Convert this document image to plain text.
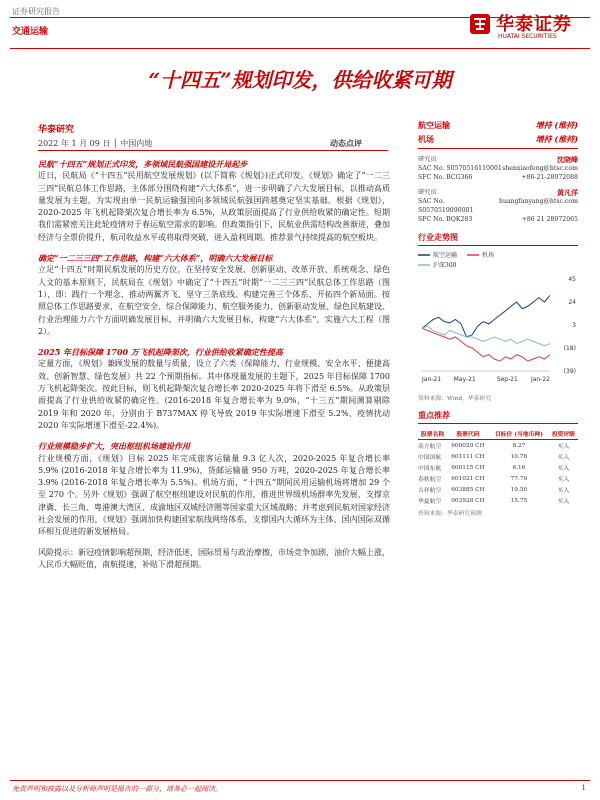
证券研究报告
交通运输	华泰证券
HUATAI SECURITIES
“十四五”规划印发，供给收紧可期
华泰研究
2022 年 1 月 09 日 │ 中国内地	动态点评
民航“十四五”规划正式印发，多领域民航强国建设开局起步
近日，民航局《“十四五”民用航空发展规划》(以下简称《规划》)正式印发。《规划》确定了“一二三三四”民航总体工作思路，主体部分围绕构建“六大体系”，进一步明确了六大发展目标，以推动高质量发展为主题，为实现由单一民航运输强国向多领域民航强国跨越奠定坚实基础。根据《规划》，2020-2025 年飞机起降架次复合增长率为 6.5%，从政策层面提高了行业供给收紧的确定性。短期我们需紧密关注此轮疫情对于春运航空需求的影响。但政策指引下，民航业供需结构改善渐进，叠加经济与全票价提升，航司收益水平或将取得突破，进入盈利周期。推荐景气持续提高的航空板块。
确定“一二三三四”工作思路，构建“六大体系”，明确六大发展目标
立足“十四五”时期民航发展的历史方位，在坚持安全发展、创新驱动、改革开放、系统观念、绿色人文的基本原则下，民航局在《规划》中确定了“十四五”时期“一二三三四”民航总体工作思路（图 1），即：践行一个理念、推动两翼齐飞、坚守三条底线、构建完善三个体系、开拓四个新局面。按照总体工作思路要求，在航空安全、综合保障能力、航空服务能力、创新驱动发展、绿色民航建设、行业治理能力六个方面明确发展目标，并明确六大发展目标，构建“六大体系”，实施六大工程（图 2）。
2025 年目标保障 1700 万飞机起降架次，行业供给收紧确定性提高
定量方面，《规划》兼顾发展的数量与质量，设立了六类（保障能力、行业规模、安全水平、便捷高效、创新智慧、绿色发展）共 22 个预期指标。其中体现量发展的主题下，2025 年目标保障 1700 万飞机起降架次。按此目标，则飞机起降架次复合增长率 2020-2025 年将下滑至 6.5%。从政策层面提高了行业供给收紧的确定性。(2016-2018 年复合增长率为 9.0%，“十三五”期间测算剔除 2019 年和 2020 年，分别由于 B737MAX 停飞导致 2019 年实际增速下滑至 5.2%、疫情扰动 2020 年实际增速下滑至-22.4%)。
行业规模稳步扩大，突出枢纽机场建设作用
行业规模方面，《规划》目标 2025 年完成旅客运输量 9.3 亿人次，2020-2025 年复合增长率 5.9% (2016-2018 年复合增长率为 11.9%)，货邮运输量 950 万吨，2020-2025 年复合增长率 3.9% (2016-2018 年复合增长率为 5.5%)。机场方面，“十四五”期间民用运输机场将增加 29 个至 270 个。另外《规划》强调了航空枢纽建设对民航的作用，推进世界级机场群率先发展，支撑京津冀、长三角、粤港澳大湾区、成渝地区双城经济圈等国家重大区域战略；并考虑到民航对国家经济社会发展的作用，《规划》强调加快构建国家航线网络体系，支撑国内大循环为主体、国内国际双循环相互促进的新发展格局。
风险提示：新冠疫情影响超预期，经济低迷，国际贸易与政治摩擦，市场竞争加剧，油价大幅上涨，人民币大幅贬值，南航提速，补贴下滑超预期。
航空运输	增持 (维持)
机场	增持 (维持)
研究员	沈晓峰
SAC No. S0570516110001 shenxiaofeng@htsc.com
SFC No. BCG366	+86-21-28972088
研究员	黄凡洋
SAC No. S0570519090001
huangfanyang@htsc.com
SFC No. BQK283	+86 21 28972065
行业走势图
航空运输	机场
沪深300
45
24
3
(18)
(39)
Jan-21 May-21	Sep-21 Jan-22
资料来源：Wind，华泰研究
重点推荐
股票名称	股票代码	目标价 (当地币种)	投资评级
南方航空	600029 CH	8.27	买入
中国国航	601111 CH	10.78	买入
中国东航	600115 CH	6.16	买入
春秋航空	601021 CH	77.70	买入
吉祥航空	603885 CH	19.50	买入
华夏航空	002928 CH	15.75	买入
资料来源：华泰研究预测
免责声明和披露以及分析师声明是报告的一部分，请务必一起阅读。	1
